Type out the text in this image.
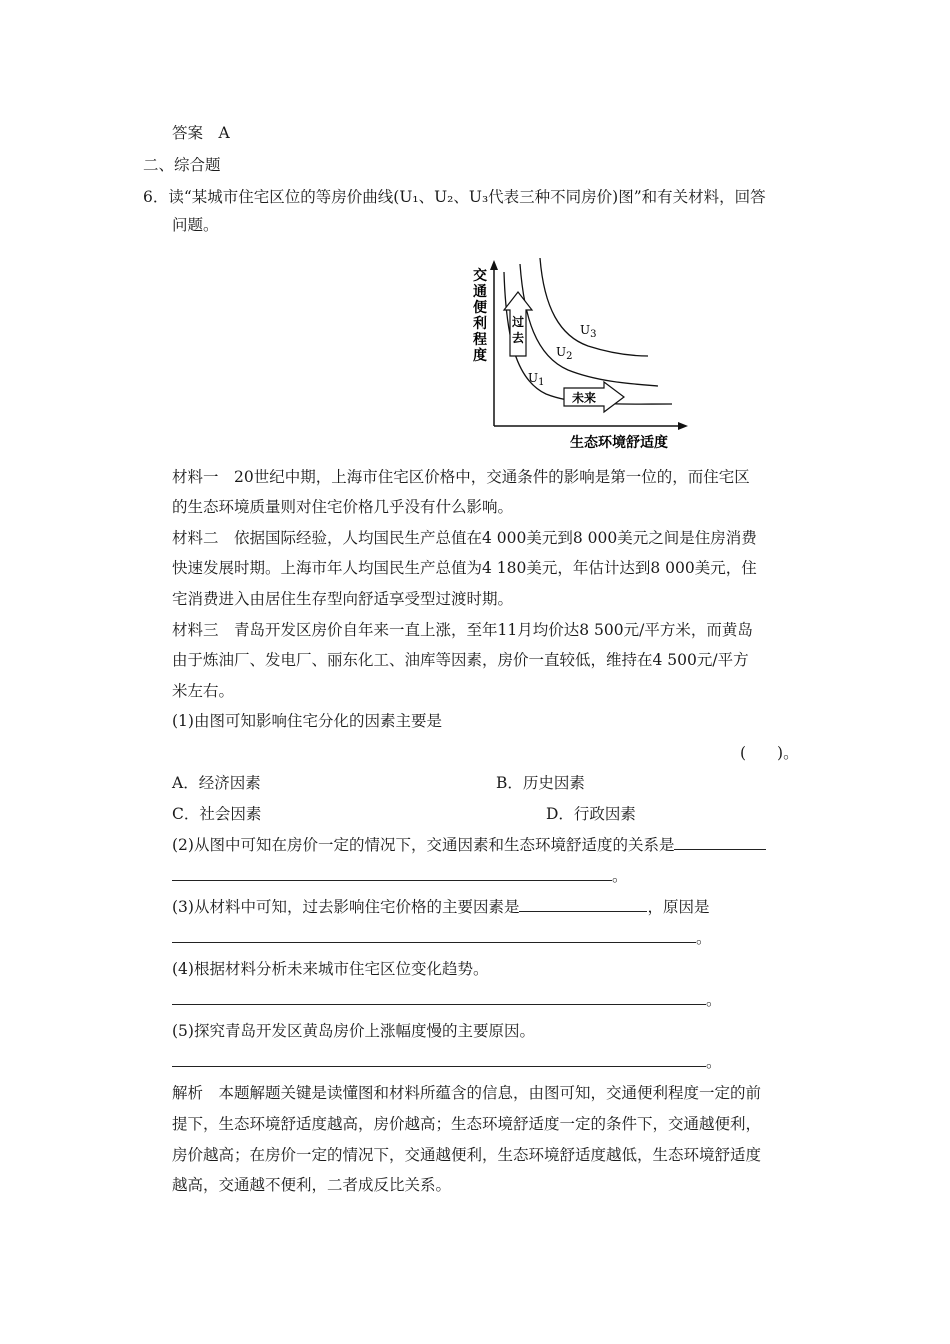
答案　A
二、综合题
6．读“某城市住宅区位的等房价曲线(U₁、U₂、U₃代表三种不同房价)图”和有关材料，回答
问题。
交
通
便
利
程
度
生态环境舒适度
$U_1$
$U_2$
$U_3$
过
去
未来
材料一　20世纪中期，上海市住宅区价格中，交通条件的影响是第一位的，而住宅区
的生态环境质量则对住宅价格几乎没有什么影响。
材料二　依据国际经验，人均国民生产总值在4 000美元到8 000美元之间是住房消费
快速发展时期。上海市年人均国民生产总值为4 180美元，年估计达到8 000美元，住
宅消费进入由居住生存型向舒适享受型过渡时期。
材料三　青岛开发区房价自年来一直上涨，至年11月均价达8 500元/平方米，而黄岛
由于炼油厂、发电厂、丽东化工、油库等因素，房价一直较低，维持在4 500元/平方
米左右。
(1)由图可知影响住宅分化的因素主要是
(　　)。
A．经济因素	B．历史因素
C．社会因素	D．行政因素
(2)从图中可知在房价一定的情况下，交通因素和生态环境舒适度的关系是
。
(3)从材料中可知，过去影响住宅价格的主要因素是	，原因是
。
(4)根据材料分析未来城市住宅区位变化趋势。
。
(5)探究青岛开发区黄岛房价上涨幅度慢的主要原因。
。
解析　本题解题关键是读懂图和材料所蕴含的信息，由图可知，交通便利程度一定的前
提下，生态环境舒适度越高，房价越高；生态环境舒适度一定的条件下，交通越便利，
房价越高；在房价一定的情况下，交通越便利，生态环境舒适度越低，生态环境舒适度
越高，交通越不便利，二者成反比关系。
